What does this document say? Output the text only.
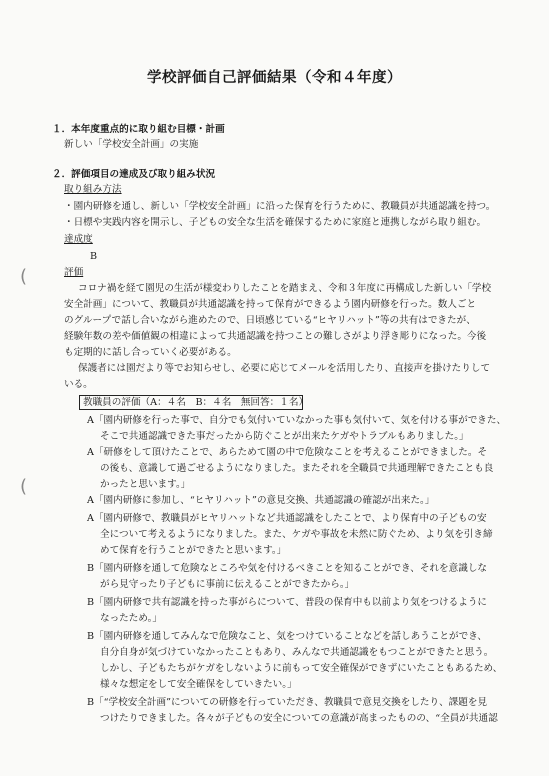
学校評価自己評価結果（令和４年度）
１．本年度重点的に取り組む目標・計画
新しい「学校安全計画」の実施
２．評価項目の達成及び取り組み状況
取り組み方法
・園内研修を通し、新しい「学校安全計画」に沿った保育を行うために、教職員が共通認識を持つ。
・日標や実践内容を開示し、子どもの安全な生活を確保するために家庭と連携しながら取り組む。
達成度
B
評価
コロナ禍を経て園児の生活が様変わりしたことを踏まえ、令和３年度に再構成した新しい「学校
安全計画」について、教職員が共通認識を持って保育ができるよう園内研修を行った。数人ごと
のグループで話し合いながら進めたので、日頃感じている“ヒヤリハット”等の共有はできたが、
経験年数の差や価値観の相違によって共通認識を持つことの難しさがより浮き彫りになった。今後
も定期的に話し合っていく必要がある。
保護者には園だより等でお知らせし、必要に応じてメールを活用したり、直接声を掛けたりして
いる。
教職員の評価（A：４名　B：４名　無回答：１名）
A「園内研修を行った事で、自分でも気付いていなかった事も気付いて、気を付ける事ができた、
そこで共通認識できた事だったから防ぐことが出来たケガやトラブルもありました。」
A「研修をして頂けたことで、あらためて園の中で危険なことを考えることができました。そ
の後も、意識して過ごせるようになりました。またそれを全職員で共通理解できたことも良
かったと思います。」
A「園内研修に参加し、“ヒヤリハット”の意見交換、共通認識の確認が出来た。」
A「園内研修で、教職員がヒヤリハットなど共通認識をしたことで、より保育中の子どもの安
全について考えるようになりました。また、ケガや事故を未然に防ぐため、より気を引き締
めて保育を行うことができたと思います。」
B「園内研修を通して危険なところや気を付けるべきことを知ることができ、それを意識しな
がら見守ったり子どもに事前に伝えることができたから。」
B「園内研修で共有認識を持った事がらについて、普段の保育中も以前より気をつけるように
なったため。」
B「園内研修を通してみんなで危険なこと、気をつけていることなどを話しあうことができ、
自分自身が気づけていなかったこともあり、みんなで共通認識をもつことができたと思う。
しかし、子どもたちがケガをしないように前もって安全確保ができずにいたこともあるため、
様々な想定をして安全確保をしていきたい。」
B「“学校安全計画”についての研修を行っていただき、教職員で意見交換をしたり、課題を見
つけたりできました。各々が子どもの安全についての意識が高まったものの、“全員が共通認
(
(
